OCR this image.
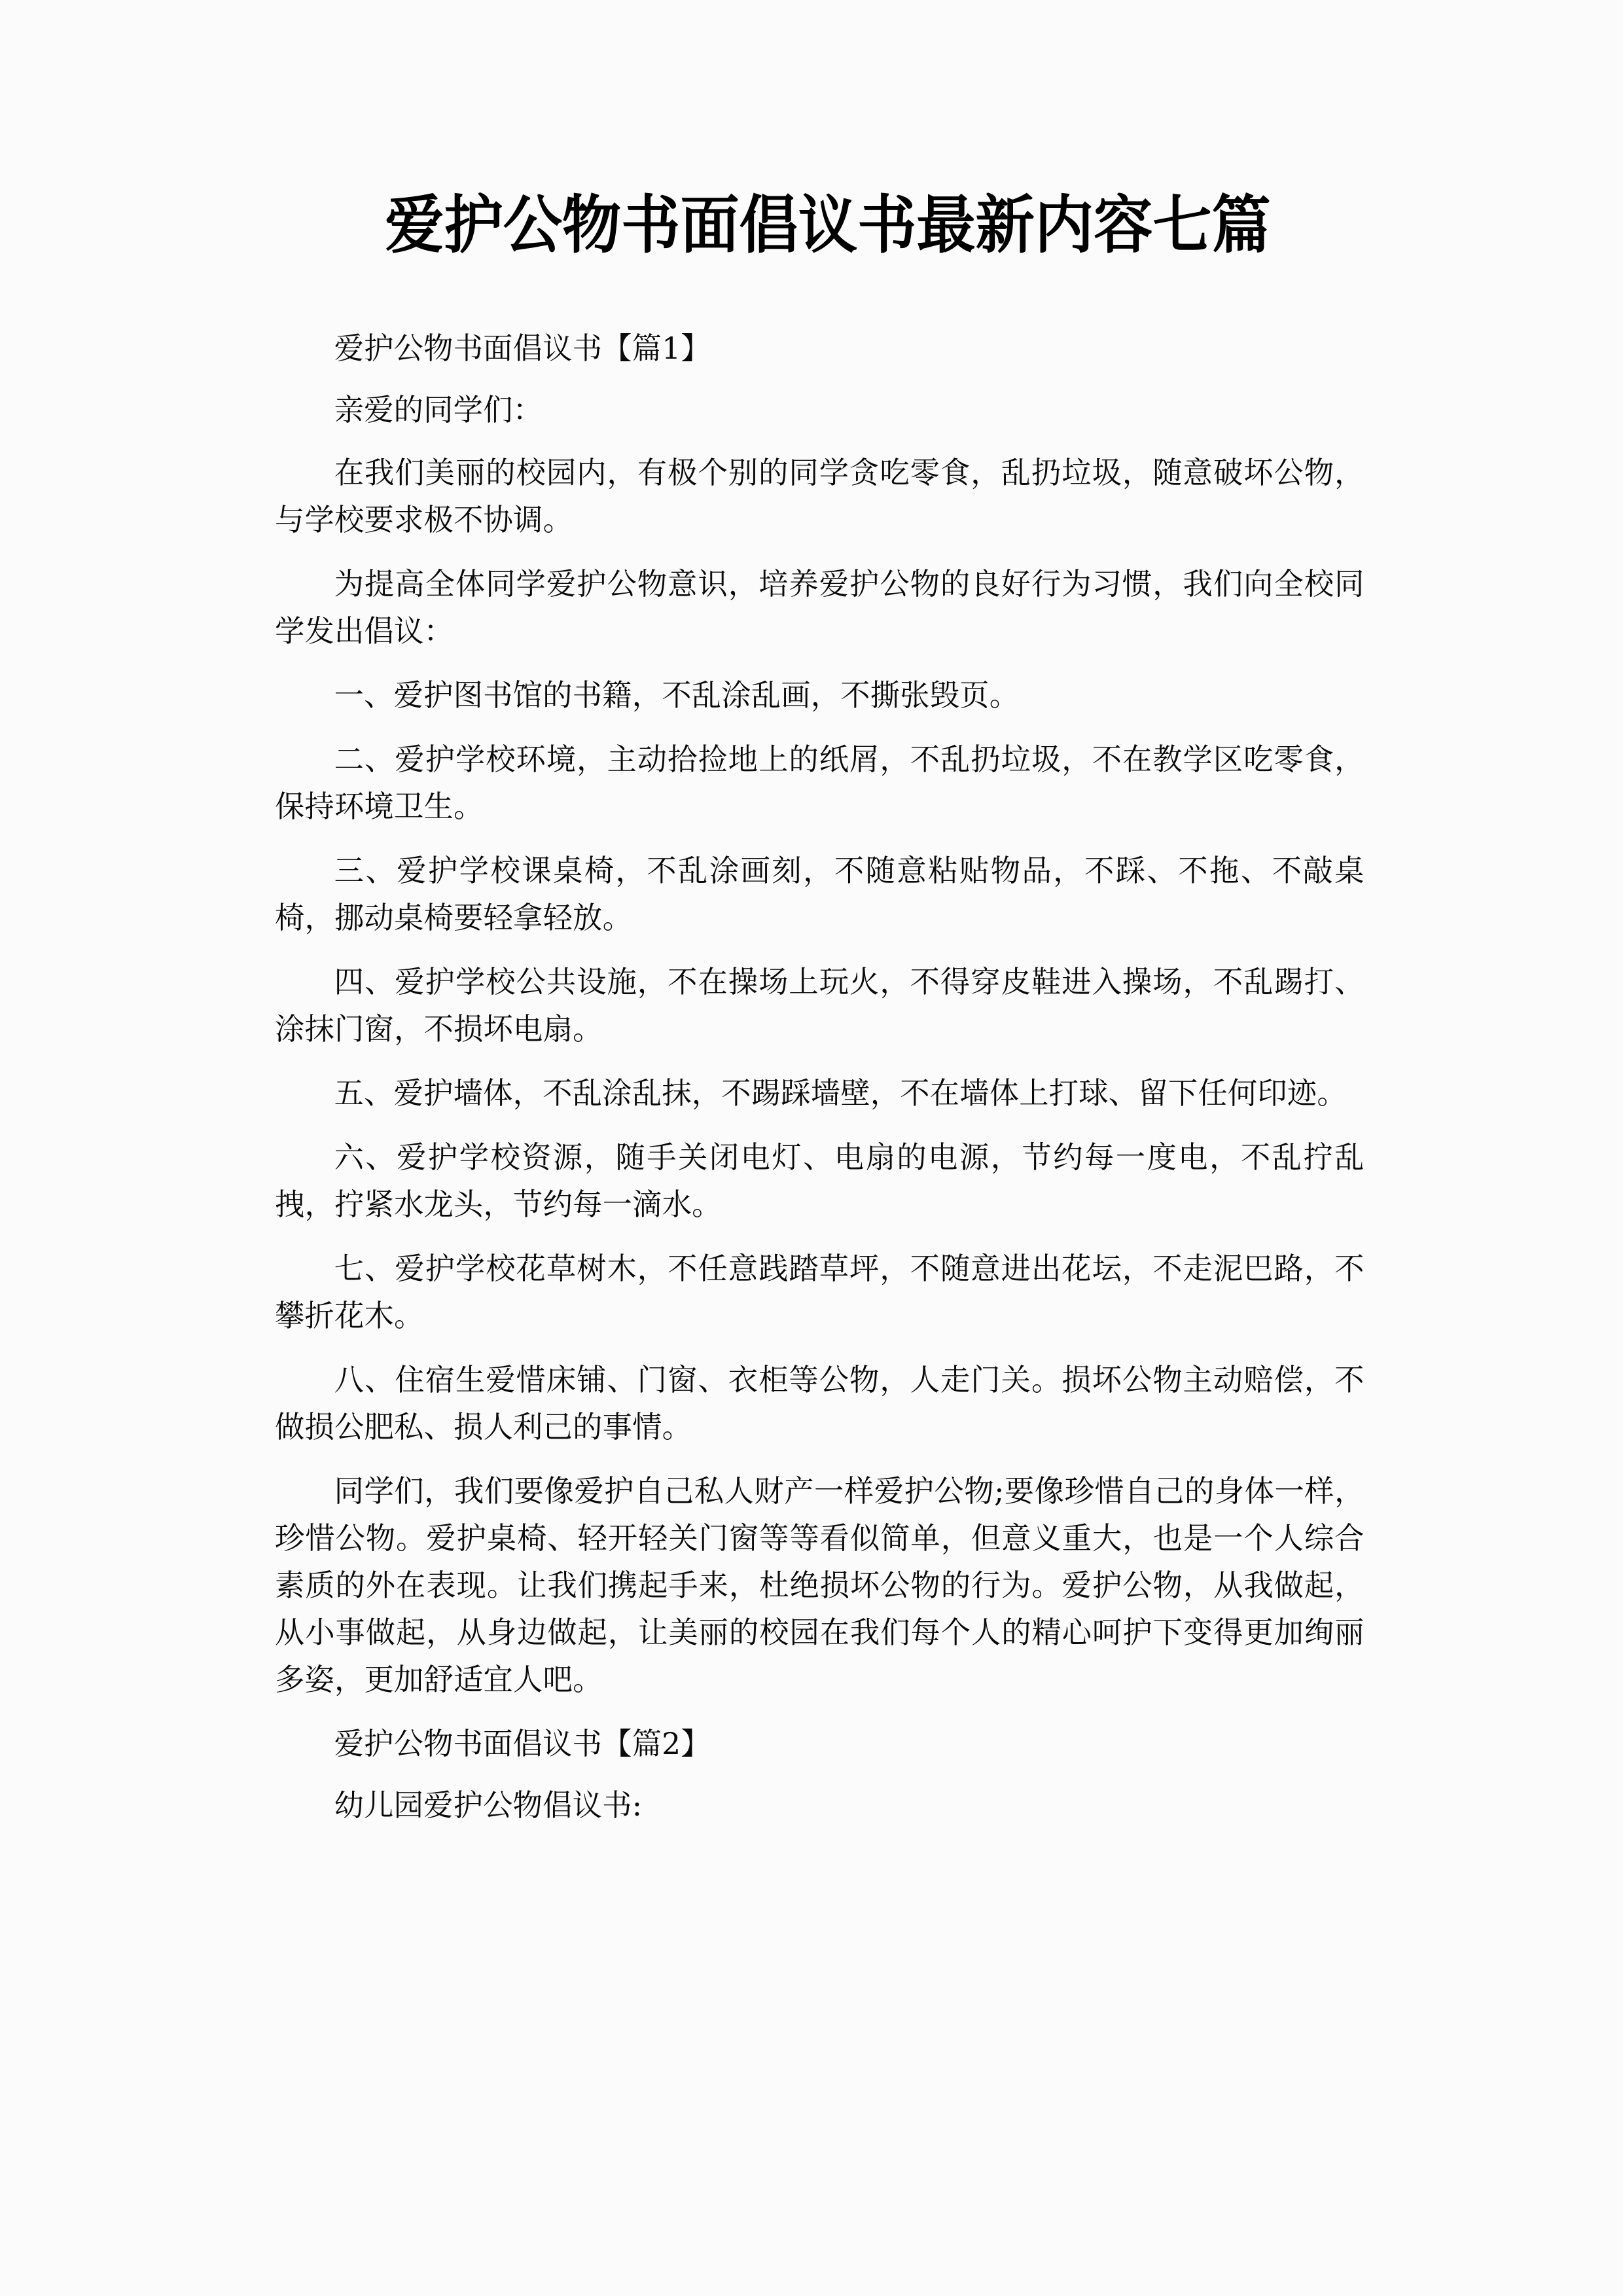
爱护公物书面倡议书最新内容七篇

爱护公物书面倡议书【篇1】

亲爱的同学们：

在我们美丽的校园内，有极个别的同学贪吃零食，乱扔垃圾，随意破坏公物，与学校要求极不协调。

为提高全体同学爱护公物意识，培养爱护公物的良好行为习惯，我们向全校同学发出倡议：

一、爱护图书馆的书籍，不乱涂乱画，不撕张毁页。

二、爱护学校环境，主动拾捡地上的纸屑，不乱扔垃圾，不在教学区吃零食，保持环境卫生。

三、爱护学校课桌椅，不乱涂画刻，不随意粘贴物品，不踩、不拖、不敲桌椅，挪动桌椅要轻拿轻放。

四、爱护学校公共设施，不在操场上玩火，不得穿皮鞋进入操场，不乱踢打、涂抹门窗，不损坏电扇。

五、爱护墙体，不乱涂乱抹，不踢踩墙壁，不在墙体上打球、留下任何印迹。

六、爱护学校资源，随手关闭电灯、电扇的电源，节约每一度电，不乱拧乱拽，拧紧水龙头，节约每一滴水。

七、爱护学校花草树木，不任意践踏草坪，不随意进出花坛，不走泥巴路，不攀折花木。

八、住宿生爱惜床铺、门窗、衣柜等公物，人走门关。损坏公物主动赔偿，不做损公肥私、损人利己的事情。

同学们，我们要像爱护自己私人财产一样爱护公物;要像珍惜自己的身体一样，珍惜公物。爱护桌椅、轻开轻关门窗等等看似简单，但意义重大，也是一个人综合素质的外在表现。让我们携起手来，杜绝损坏公物的行为。爱护公物，从我做起，从小事做起，从身边做起，让美丽的校园在我们每个人的精心呵护下变得更加绚丽多姿，更加舒适宜人吧。

爱护公物书面倡议书【篇2】

幼儿园爱护公物倡议书:
